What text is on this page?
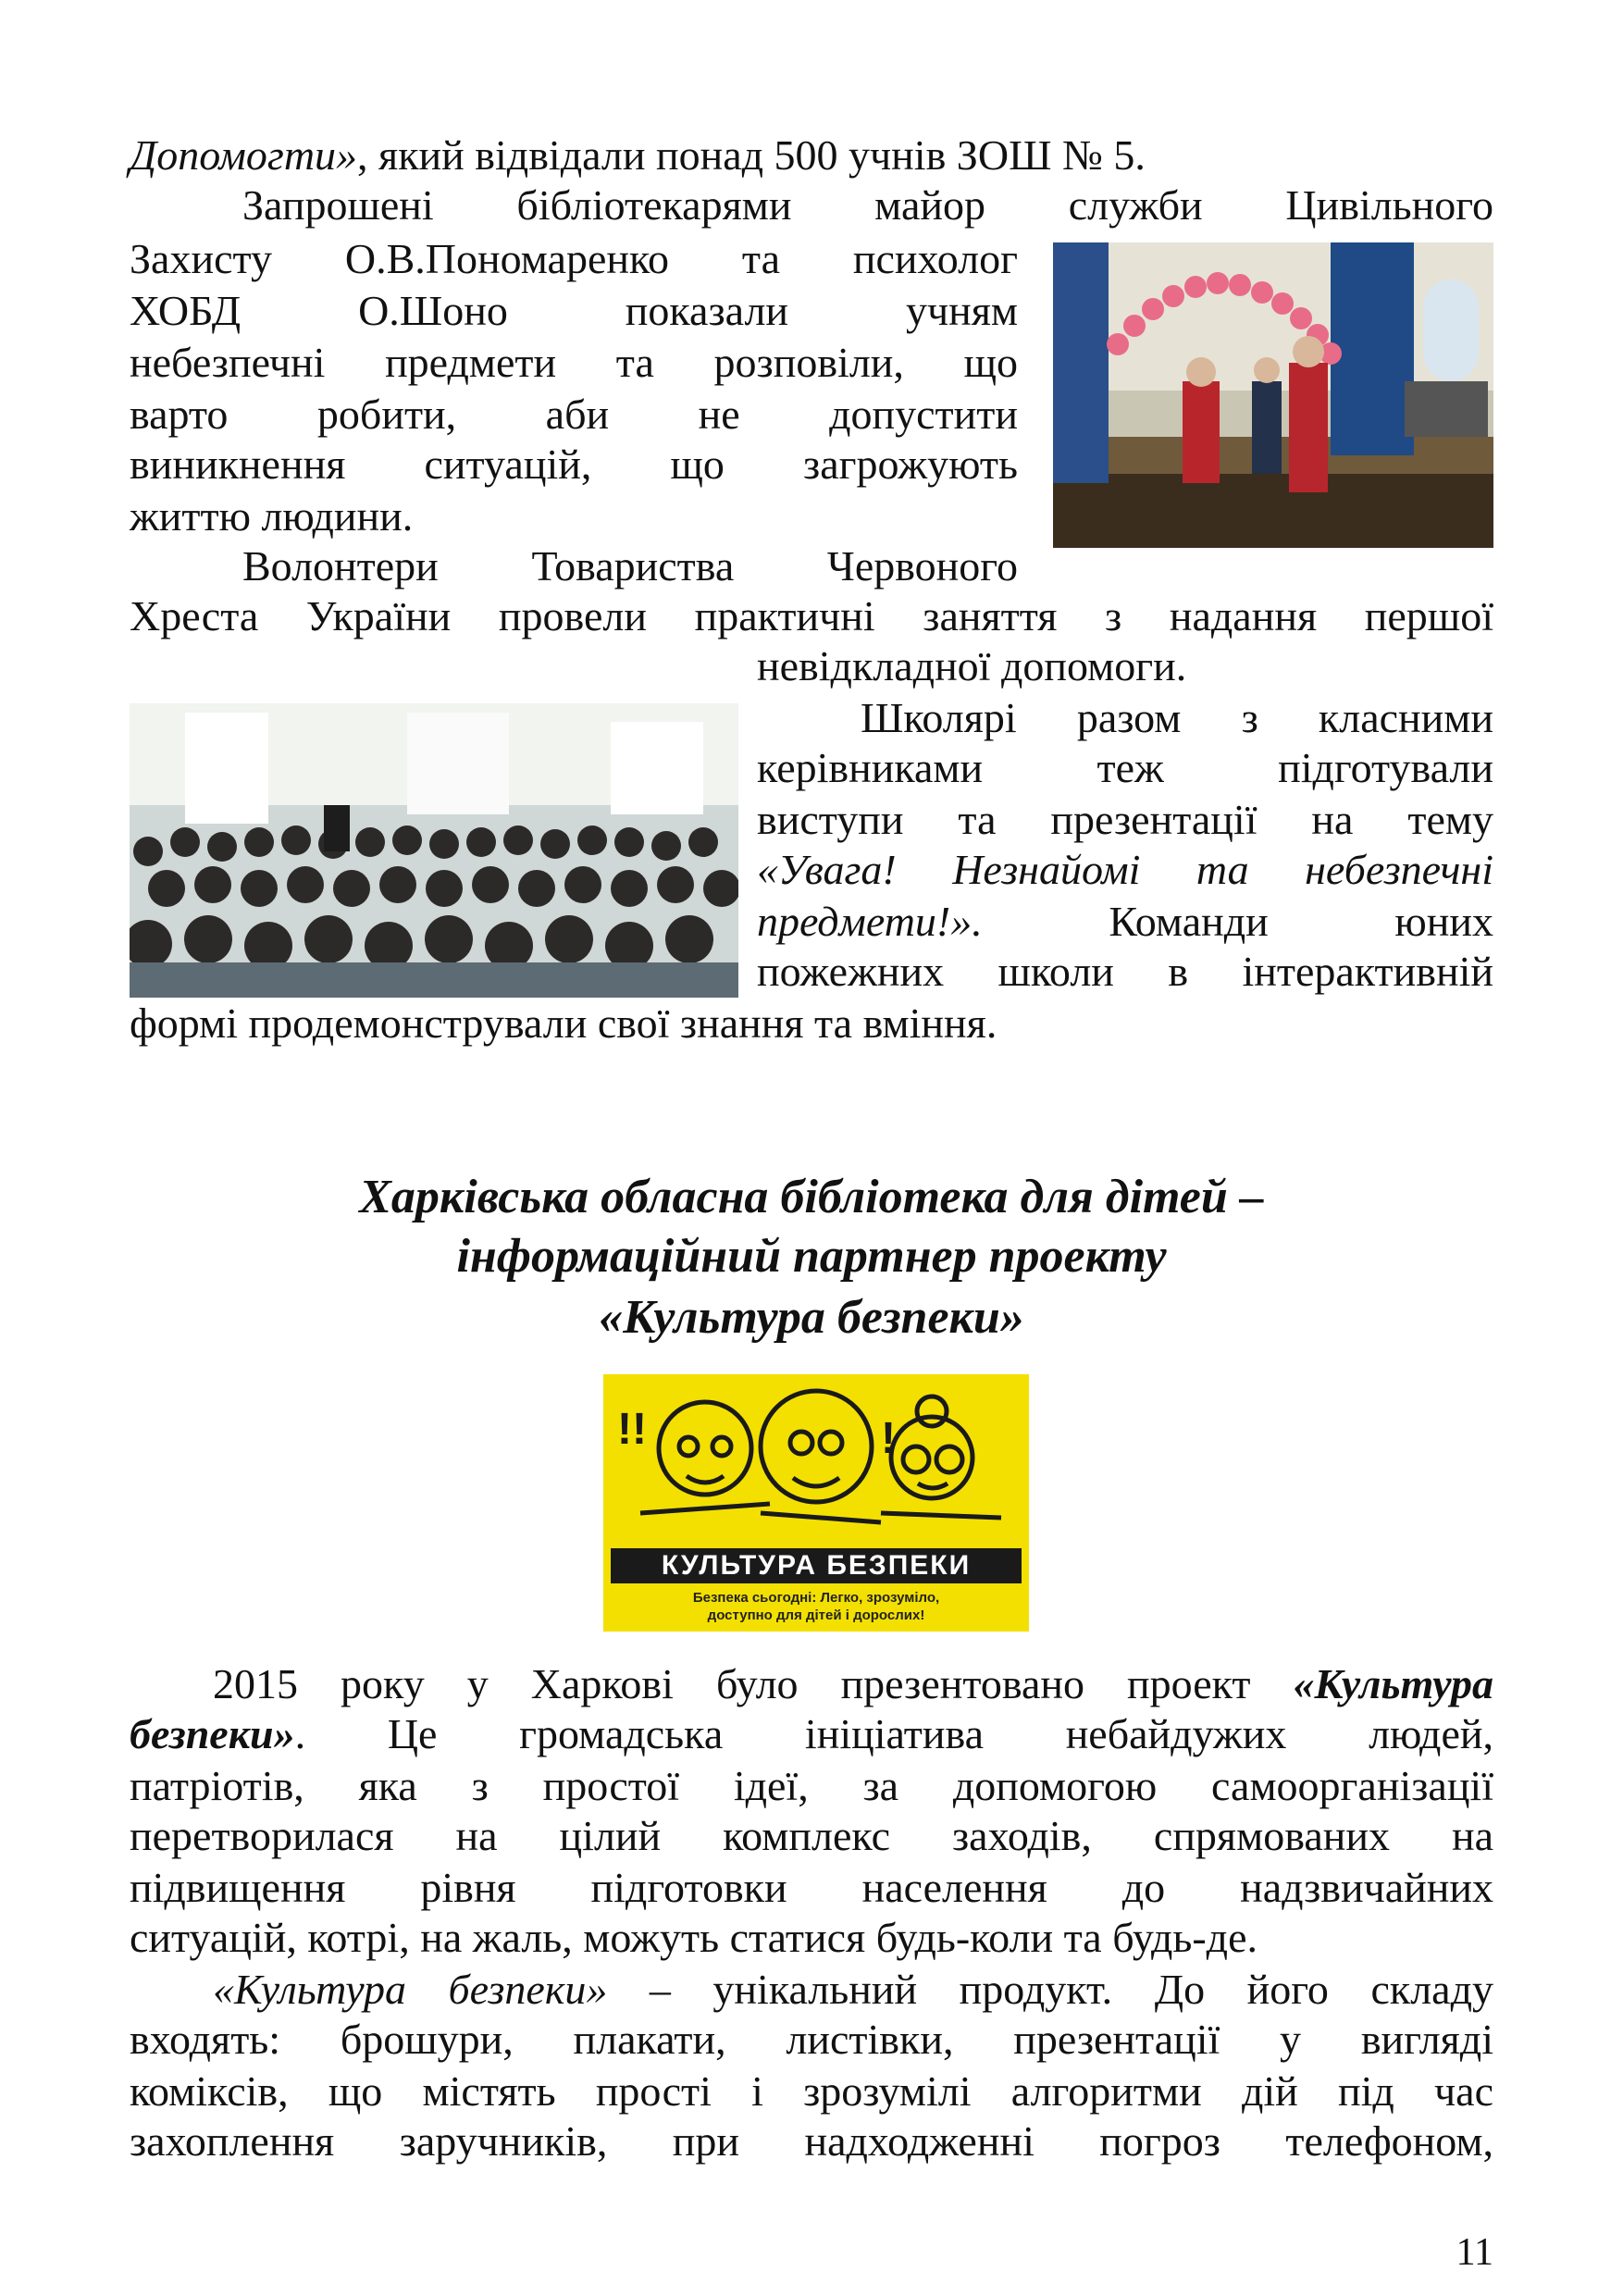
Допомогти», який відвідали понад 500 учнів ЗОШ № 5.
Запрошені бібліотекарями майор служби Цивільного
Захисту О.В.Пономаренко та психолог
ХОБД О.Шоно показали учням
небезпечні предмети та розповіли, що
варто робити, аби не допустити
виникнення ситуацій, що загрожують
життю людини.
Волонтери Товариства Червоного
Хреста України провели практичні заняття з надання першої
невідкладної допомоги.
Школярі разом з класними
керівниками теж підготували
виступи та презентації на тему
«Увага! Незнайомі та небезпечні
предмети!».	Команди юних
пожежних школи в інтерактивній
формі продемонстрували свої знання та вміння.
Харківська обласна бібліотека для дітей –
інформаційний партнер проекту
«Культура безпеки»
!!	!
КУЛЬТУРА БЕЗПЕКИ
Безпека сьогодні: Легко, зрозуміло,
доступно для дітей і дорослих!
2015 року у Харкові було презентовано проект «Культура
безпеки». Це громадська ініціатива небайдужих людей,
патріотів, яка з простої ідеї, за допомогою самоорганізації
перетворилася на цілий комплекс заходів, спрямованих на
підвищення рівня підготовки населення до надзвичайних
ситуацій, котрі, на жаль, можуть статися будь-коли та будь-де.
«Культура безпеки» – унікальний продукт. До його складу
входять: брошури, плакати, листівки, презентації у вигляді
коміксів, що містять прості і зрозумілі алгоритми дій під час
захоплення заручників, при надходженні погроз телефоном,
11
